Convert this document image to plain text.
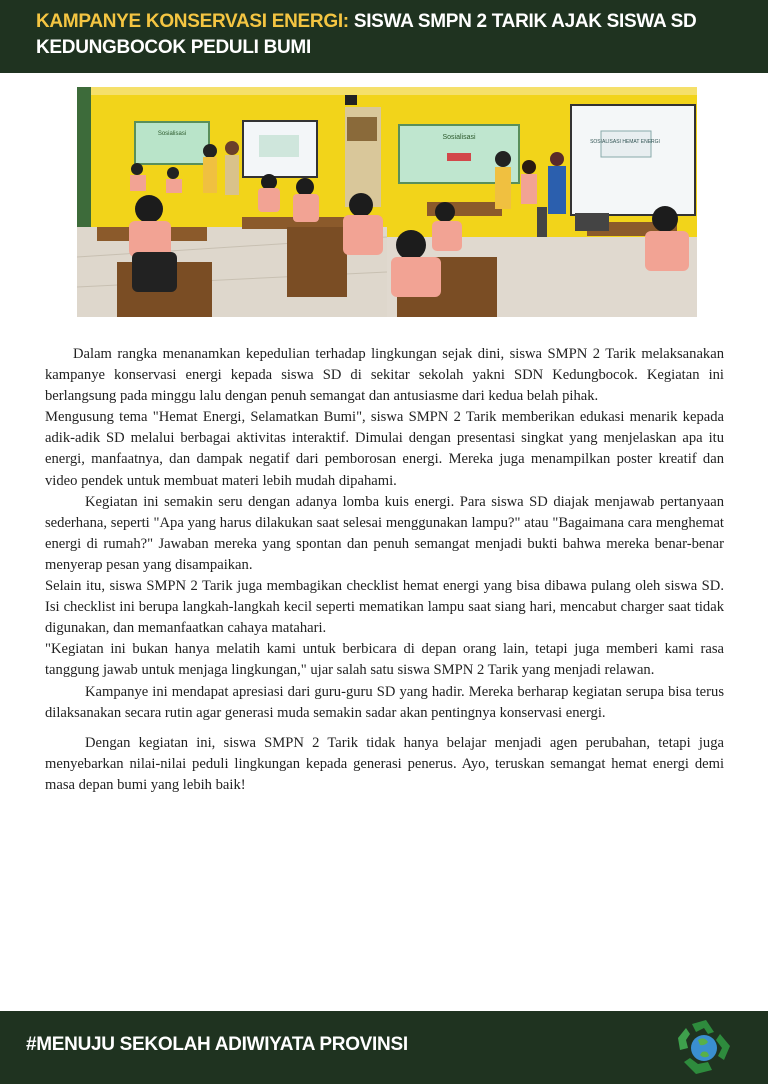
KAMPANYE KONSERVASI ENERGI: SISWA SMPN 2 TARIK AJAK SISWA SD KEDUNGBOCOK PEDULI BUMI
Sosialisasi	Sosialisasi
SOSIALISASI HEMAT ENERGI

Dalam rangka menanamkan kepedulian terhadap lingkungan sejak dini, siswa SMPN 2 Tarik melaksanakan kampanye konservasi energi kepada siswa SD di sekitar sekolah yakni SDN Kedungbocok. Kegiatan ini berlangsung pada minggu lalu dengan penuh semangat dan antusiasme dari kedua belah pihak.

Mengusung tema "Hemat Energi, Selamatkan Bumi", siswa SMPN 2 Tarik memberikan edukasi menarik kepada adik-adik SD melalui berbagai aktivitas interaktif. Dimulai dengan presentasi singkat yang menjelaskan apa itu energi, manfaatnya, dan dampak negatif dari pemborosan energi. Mereka juga menampilkan poster kreatif dan video pendek untuk membuat materi lebih mudah dipahami.

Kegiatan ini semakin seru dengan adanya lomba kuis energi. Para siswa SD diajak menjawab pertanyaan sederhana, seperti "Apa yang harus dilakukan saat selesai menggunakan lampu?" atau "Bagaimana cara menghemat energi di rumah?" Jawaban mereka yang spontan dan penuh semangat menjadi bukti bahwa mereka benar-benar menyerap pesan yang disampaikan.

Selain itu, siswa SMPN 2 Tarik juga membagikan checklist hemat energi yang bisa dibawa pulang oleh siswa SD. Isi checklist ini berupa langkah-langkah kecil seperti mematikan lampu saat siang hari, mencabut charger saat tidak digunakan, dan memanfaatkan cahaya matahari.

"Kegiatan ini bukan hanya melatih kami untuk berbicara di depan orang lain, tetapi juga memberi kami rasa tanggung jawab untuk menjaga lingkungan," ujar salah satu siswa SMPN 2 Tarik yang menjadi relawan.

Kampanye ini mendapat apresiasi dari guru-guru SD yang hadir. Mereka berharap kegiatan serupa bisa terus dilaksanakan secara rutin agar generasi muda semakin sadar akan pentingnya konservasi energi.

Dengan kegiatan ini, siswa SMPN 2 Tarik tidak hanya belajar menjadi agen perubahan, tetapi juga menyebarkan nilai-nilai peduli lingkungan kepada generasi penerus. Ayo, teruskan semangat hemat energi demi masa depan bumi yang lebih baik!

#MENUJU SEKOLAH ADIWIYATA PROVINSI
